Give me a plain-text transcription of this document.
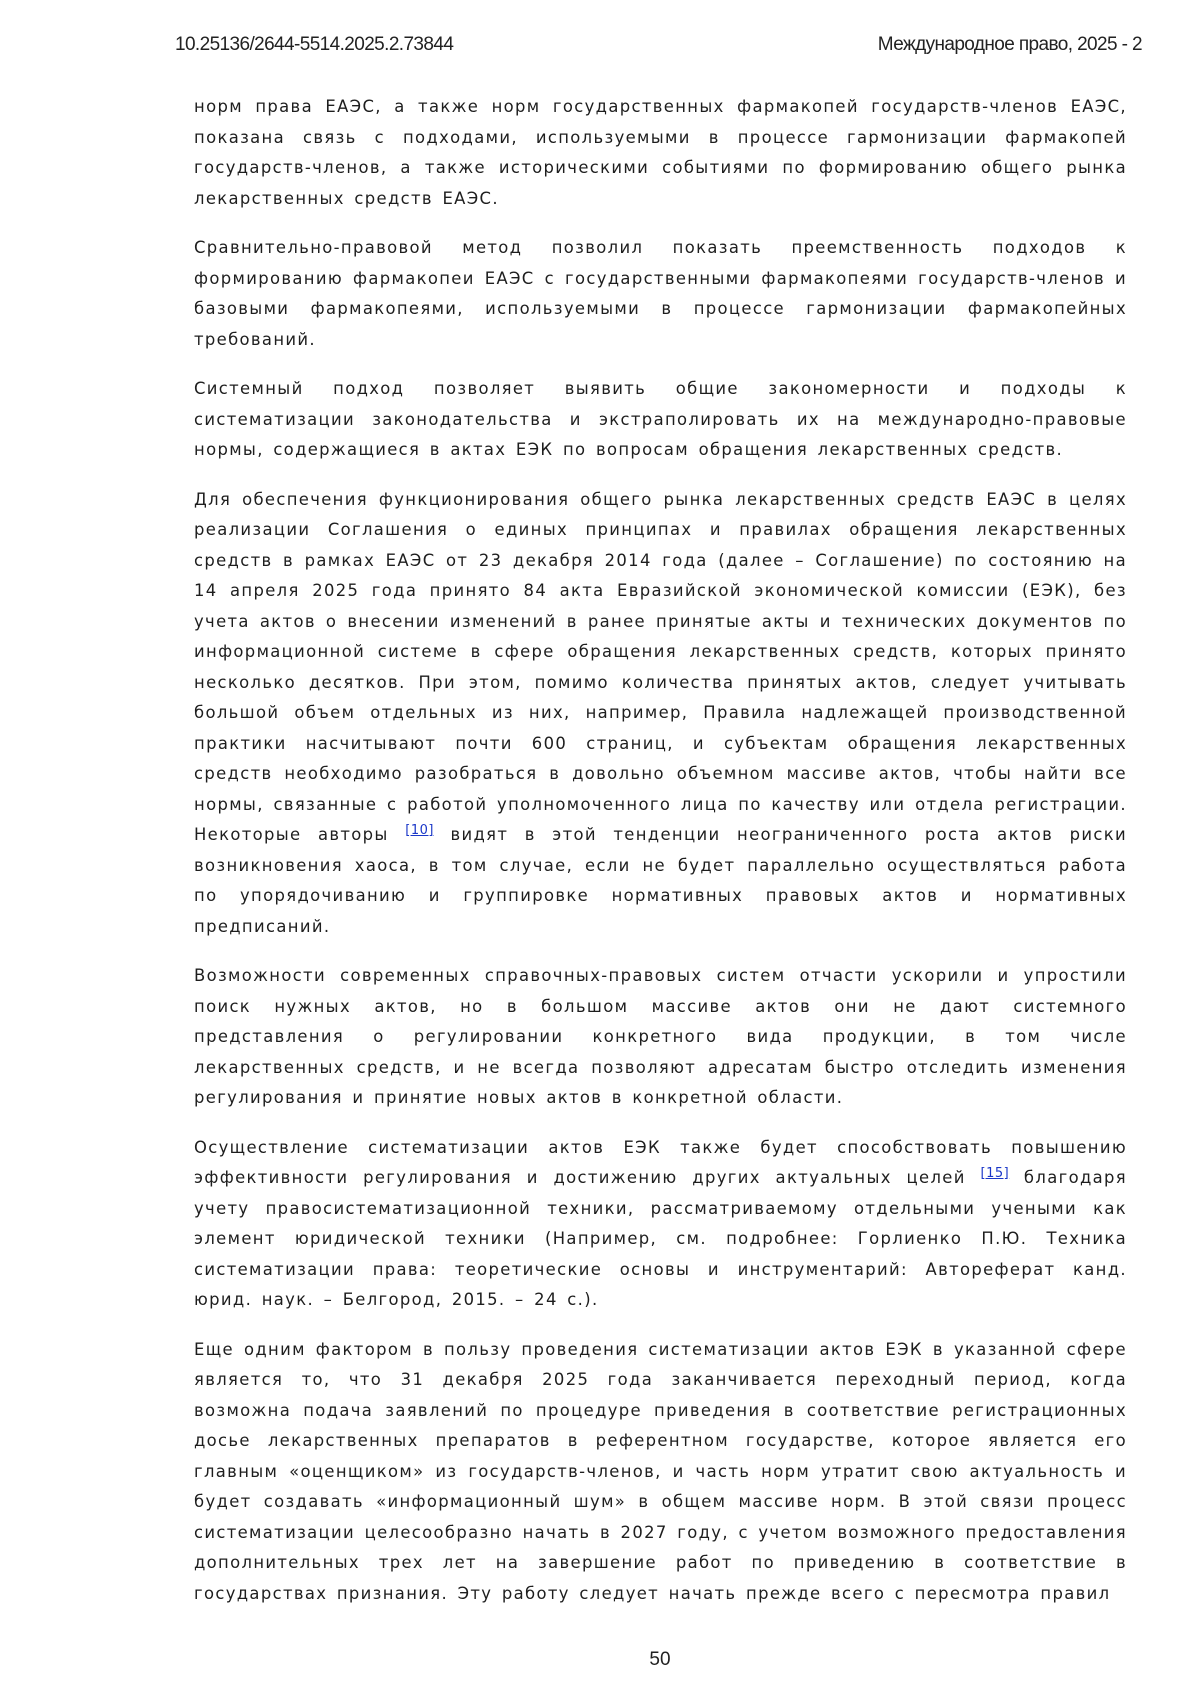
10.25136/2644-5514.2025.2.73844	Международное право, 2025 - 2

норм права ЕАЭС, а также норм государственных фармакопей государств-членов ЕАЭС, показана связь с подходами, используемыми в процессе гармонизации фармакопей государств-членов, а также историческими событиями по формированию общего рынка лекарственных средств ЕАЭС.

Сравнительно-правовой метод позволил показать преемственность подходов к формированию фармакопеи ЕАЭС с государственными фармакопеями государств-членов и базовыми фармакопеями, используемыми в процессе гармонизации фармакопейных требований.

Системный подход позволяет выявить общие закономерности и подходы к систематизации законодательства и экстраполировать их на международно-правовые нормы, содержащиеся в актах ЕЭК по вопросам обращения лекарственных средств.

Для обеспечения функционирования общего рынка лекарственных средств ЕАЭС в целях реализации Соглашения о единых принципах и правилах обращения лекарственных средств в рамках ЕАЭС от 23 декабря 2014 года (далее – Соглашение) по состоянию на 14 апреля 2025 года принято 84 акта Евразийской экономической комиссии (ЕЭК), без учета актов о внесении изменений в ранее принятые акты и технических документов по информационной системе в сфере обращения лекарственных средств, которых принято несколько десятков. При этом, помимо количества принятых актов, следует учитывать большой объем отдельных из них, например, Правила надлежащей производственной практики насчитывают почти 600 страниц, и субъектам обращения лекарственных средств необходимо разобраться в довольно объемном массиве актов, чтобы найти все нормы, связанные с работой уполномоченного лица по качеству или отдела регистрации. Некоторые авторы [10] видят в этой тенденции неограниченного роста актов риски возникновения хаоса, в том случае, если не будет параллельно осуществляться работа по упорядочиванию и группировке нормативных правовых актов и нормативных предписаний.

Возможности современных справочных-правовых систем отчасти ускорили и упростили поиск нужных актов, но в большом массиве актов они не дают системного представления о регулировании конкретного вида продукции, в том числе лекарственных средств, и не всегда позволяют адресатам быстро отследить изменения регулирования и принятие новых актов в конкретной области.

Осуществление систематизации актов ЕЭК также будет способствовать повышению эффективности регулирования и достижению других актуальных целей [15] благодаря учету правосистематизационной техники, рассматриваемому отдельными учеными как элемент юридической техники (Например, см. подробнее: Горлиенко П.Ю. Техника систематизации права: теоретические основы и инструментарий: Автореферат канд. юрид. наук. – Белгород, 2015. – 24 с.).

Еще одним фактором в пользу проведения систематизации актов ЕЭК в указанной сфере является то, что 31 декабря 2025 года заканчивается переходный период, когда возможна подача заявлений по процедуре приведения в соответствие регистрационных досье лекарственных препаратов в референтном государстве, которое является его главным «оценщиком» из государств-членов, и часть норм утратит свою актуальность и будет создавать «информационный шум» в общем массиве норм. В этой связи процесс систематизации целесообразно начать в 2027 году, с учетом возможного предоставления дополнительных трех лет на завершение работ по приведению в соответствие в государствах признания. Эту работу следует начать прежде всего с пересмотра правил

50
